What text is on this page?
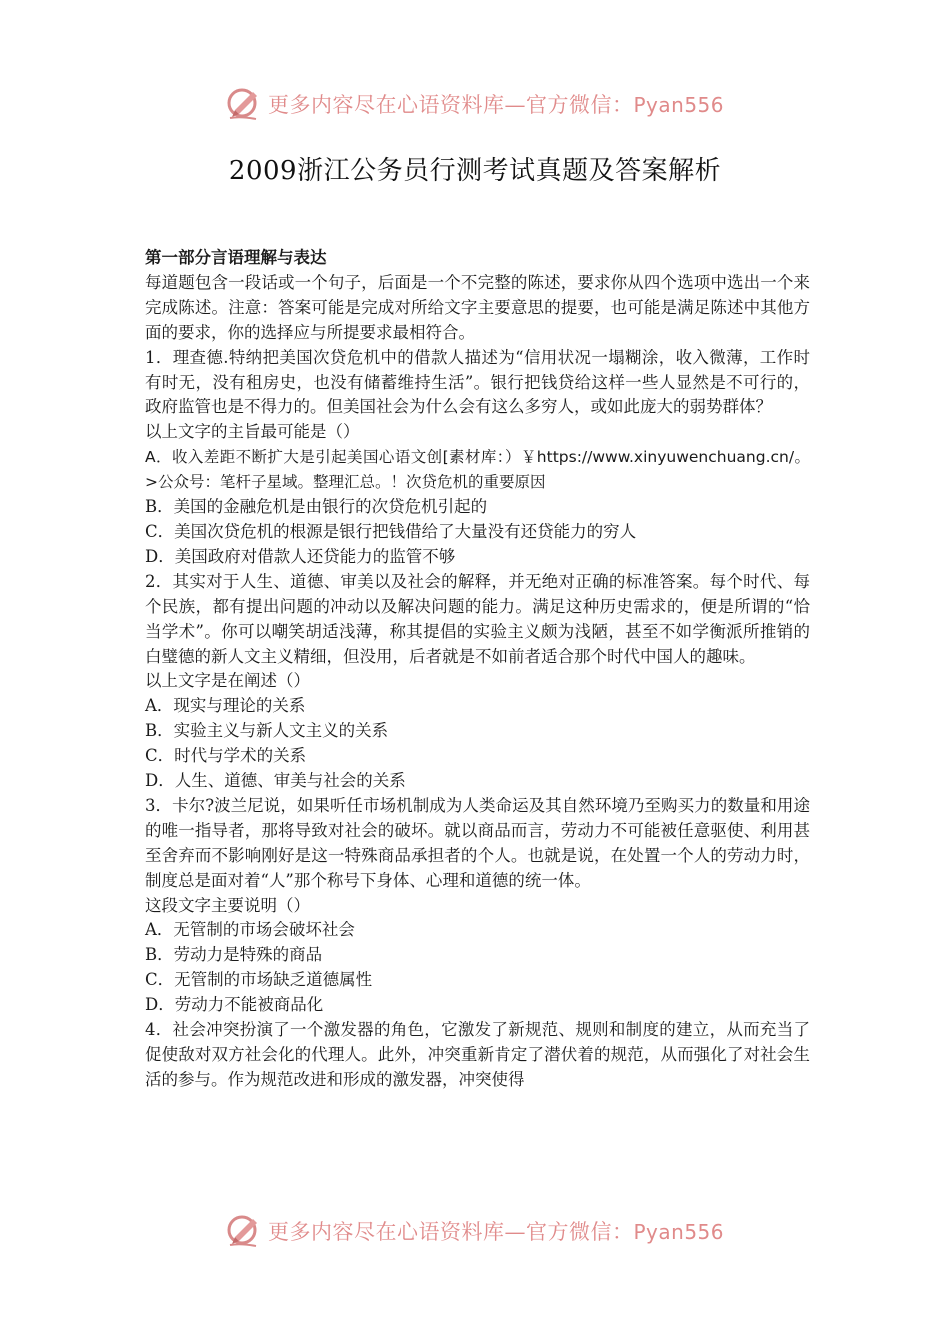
更多内容尽在心语资料库—官方微信：Pyan556
2009浙江公务员行测考试真题及答案解析

第一部分言语理解与表达

每道题包含一段话或一个句子，后面是一个不完整的陈述，要求你从四个选项中选出一个来完成陈述。注意：答案可能是完成对所给文字主要意思的提要，也可能是满足陈述中其他方面的要求，你的选择应与所提要求最相符合。

1．理查德.特纳把美国次贷危机中的借款人描述为“信用状况一塌糊涂，收入微薄，工作时有时无，没有租房史，也没有储蓄维持生活”。银行把钱贷给这样一些人显然是不可行的，政府监管也是不得力的。但美国社会为什么会有这么多穷人，或如此庞大的弱势群体？

以上文字的主旨最可能是（）

A．收入差距不断扩大是引起美国心语文创[素材库：）￥https://www.xinyuwenchuang.cn/。>公众号：笔杆子星域。整理汇总。！次贷危机的重要原因

B．美国的金融危机是由银行的次贷危机引起的

C．美国次贷危机的根源是银行把钱借给了大量没有还贷能力的穷人

D．美国政府对借款人还贷能力的监管不够

2．其实对于人生、道德、审美以及社会的解释，并无绝对正确的标准答案。每个时代、每个民族，都有提出问题的冲动以及解决问题的能力。满足这种历史需求的，便是所谓的“恰当学术”。你可以嘲笑胡适浅薄，称其提倡的实验主义颇为浅陋，甚至不如学衡派所推销的白璧德的新人文主义精细，但没用，后者就是不如前者适合那个时代中国人的趣味。

以上文字是在阐述（）

A．现实与理论的关系

B．实验主义与新人文主义的关系

C．时代与学术的关系

D．人生、道德、审美与社会的关系

3．卡尔?波兰尼说，如果听任市场机制成为人类命运及其自然环境乃至购买力的数量和用途的唯一指导者，那将导致对社会的破坏。就以商品而言，劳动力不可能被任意驱使、利用甚至舍弃而不影响刚好是这一特殊商品承担者的个人。也就是说，在处置一个人的劳动力时，制度总是面对着“人”那个称号下身体、心理和道德的统一体。

这段文字主要说明（）

A．无管制的市场会破坏社会

B．劳动力是特殊的商品

C．无管制的市场缺乏道德属性

D．劳动力不能被商品化

4．社会冲突扮演了一个激发器的角色，它激发了新规范、规则和制度的建立，从而充当了促使敌对双方社会化的代理人。此外，冲突重新肯定了潜伏着的规范，从而强化了对社会生活的参与。作为规范改进和形成的激发器，冲突使得

更多内容尽在心语资料库—官方微信：Pyan556
